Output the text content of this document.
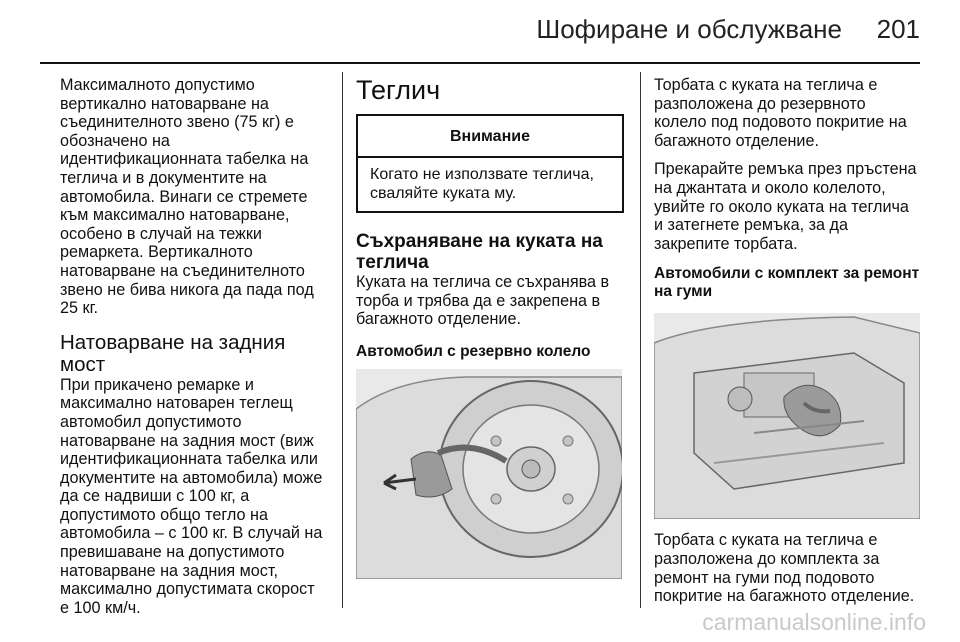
Шофиране и обслужване 201

Максималното допустимо вертикално натоварване на съединителното звено (75 кг) е обозначено на идентификационната табелка на теглича и в документите на автомобила. Винаги се стремете към максимално натоварване, особено в случай на тежки ремаркета. Вертикалното натоварване на съединителното звено не бива никога да пада под 25 кг.

Натоварване на задния мост

При прикачено ремарке и максимално натоварен теглещ автомобил допустимото натоварване на задния мост (виж идентификационната табелка или документите на автомобила) може да се надвиши с 100 кг, а допустимото общо тегло на автомобила – с 100 кг. В случай на превишаване на допустимото натоварване на задния мост, максимално допустимата скорост е 100 км/ч.

Теглич
Внимание
Когато не използвате теглича, сваляйте куката му.
Съхраняване на куката на теглича

Куката на теглича се съхранява в торба и трябва да е закрепена в багажното отделение.

Автомобил с резервно колело

Торбата с куката на теглича е разположена до резервното колело под подовото покритие на багажното отделение.

Прекарайте ремъка през пръстена на джантата и около колелото, увийте го около куката на теглича и затегнете ремъка, за да закрепите торбата.

Автомобили с комплект за ремонт на гуми

Торбата с куката на теглича е разположена до комплекта за ремонт на гуми под подовото покритие на багажното отделение.

carmanualsonline.info
